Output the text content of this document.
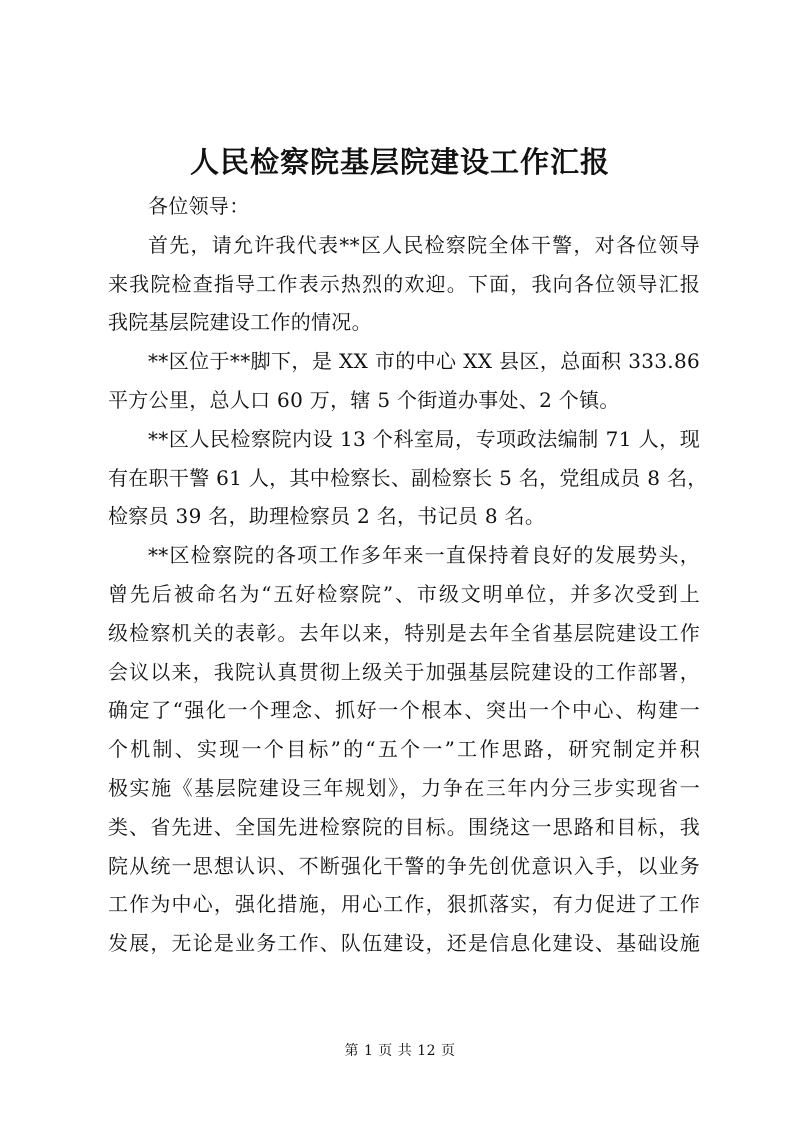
人民检察院基层院建设工作汇报
各位领导：
首先，请允许我代表**区人民检察院全体干警，对各位领导
来我院检查指导工作表示热烈的欢迎。下面，我向各位领导汇报
我院基层院建设工作的情况。
**区位于**脚下，是 XX 市的中心 XX 县区，总面积 333.86
平方公里，总人口 60 万，辖 5 个街道办事处、2 个镇。
**区人民检察院内设 13 个科室局，专项政法编制 71 人，现
有在职干警 61 人，其中检察长、副检察长 5 名，党组成员 8 名，
检察员 39 名，助理检察员 2 名，书记员 8 名。
**区检察院的各项工作多年来一直保持着良好的发展势头，
曾先后被命名为“五好检察院”、市级文明单位，并多次受到上
级检察机关的表彰。去年以来，特别是去年全省基层院建设工作
会议以来，我院认真贯彻上级关于加强基层院建设的工作部署，
确定了“强化一个理念、抓好一个根本、突出一个中心、构建一
个机制、实现一个目标”的“五个一”工作思路，研究制定并积
极实施《基层院建设三年规划》，力争在三年内分三步实现省一
类、省先进、全国先进检察院的目标。围绕这一思路和目标，我
院从统一思想认识、不断强化干警的争先创优意识入手，以业务
工作为中心，强化措施，用心工作，狠抓落实，有力促进了工作
发展，无论是业务工作、队伍建设，还是信息化建设、基础设施
第 1 页 共 12 页
